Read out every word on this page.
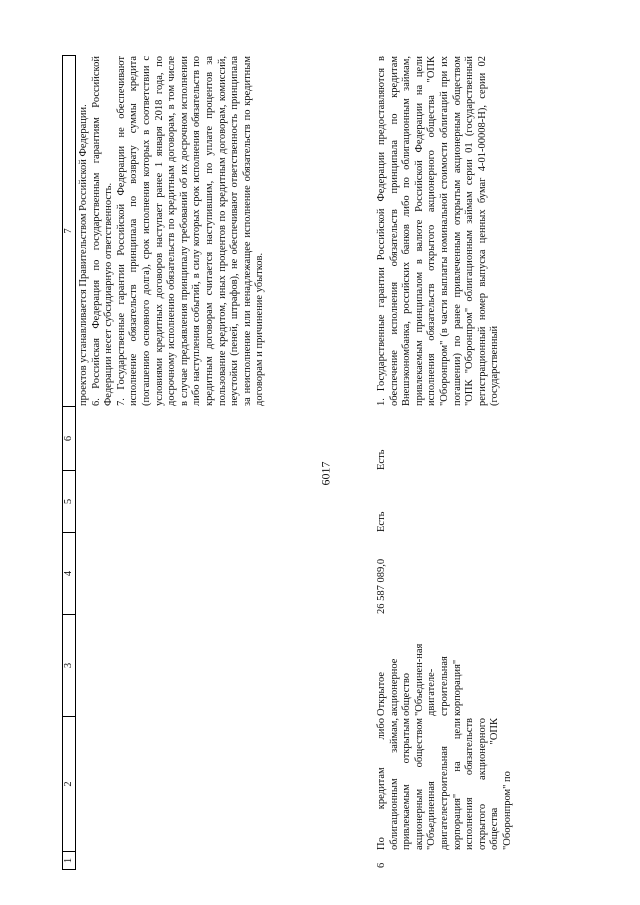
6017
1
2
3
4
5
6
7 проектов устанавливается Правительством Российской Федерации. 6. Российская Федерация по государственным гарантиям Российской Федерации несет субсидиарную ответственность. 7. Государственные гарантии Российской Федерации не обеспечивают исполнение обязательств принципала по возврату суммы кредита (погашению основного долга), срок исполнения которых в соответствии с условиями кредитных договоров наступает ранее 1 января 2018 года, по досрочному исполнению обязательств по кредитным договорам, в том числе в случае предъявления принципалу требований об их досрочном исполнении либо наступления событий, в силу которых срок исполнения обязательств по кредитным договорам считается наступившим, по уплате процентов за пользование кредитом, иных процентов по кредитным договорам, комиссий, неустойки (пеней, штрафов), не обеспечивают ответственность принципала за неисполнение или ненадлежащее исполнение обязательств по кредитным договорам и причинение убытков.

6
По кредитам либо облигационным займам, привлекаемым открытым акционерным обществом "Объединенная двигателестроительная корпорация" на цели исполнения обязательств открытого акционерного общества "ОПК "Оборонпром" по
Открытое акционерное общество "Объединен-ная двигателе-строительная корпорация"
26 587 089,0
Есть
Есть
1. Государственные гарантии Российской Федерации предоставляются в обеспечение исполнения обязательств принципала по кредитам Внешэкономбанка, российских банков либо по облигационным займам, привлекаемым принципалом в валюте Российской Федерации на цели исполнения обязательств открытого акционерного общества "ОПК "Оборонпром" (в части выплаты номинальной стоимости облигаций при их погашении) по ранее привлеченным открытым акционерным обществом "ОПК "Оборонпром" облигационным займам серии 01 (государственный регистрационный номер выпуска ценных бумаг 4-01-00008-H), серии 02 (государственный
